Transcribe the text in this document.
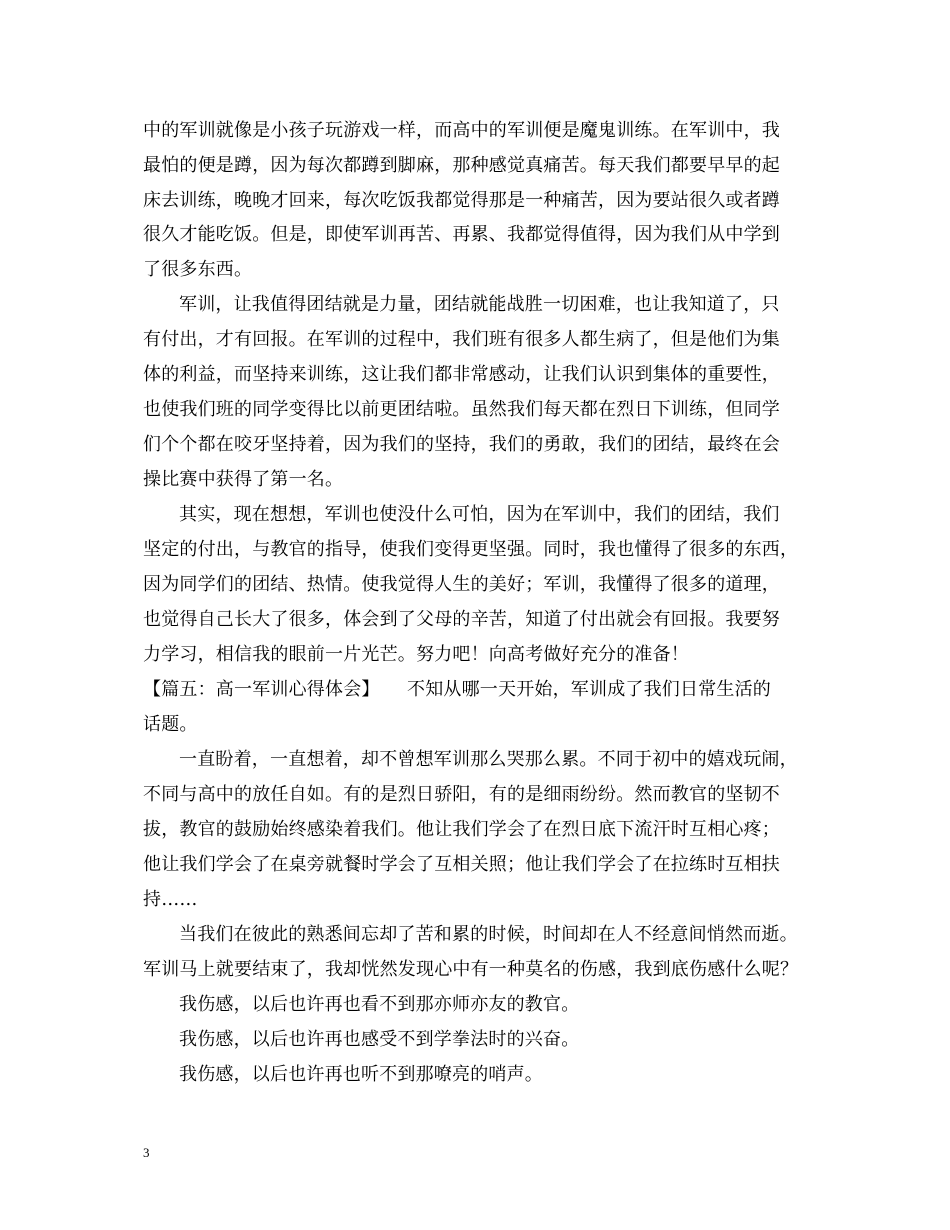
中的军训就像是小孩子玩游戏一样，而高中的军训便是魔鬼训练。在军训中，我
最怕的便是蹲，因为每次都蹲到脚麻，那种感觉真痛苦。每天我们都要早早的起
床去训练，晚晚才回来，每次吃饭我都觉得那是一种痛苦，因为要站很久或者蹲
很久才能吃饭。但是，即使军训再苦、再累、我都觉得值得，因为我们从中学到
了很多东西。
军训，让我值得团结就是力量，团结就能战胜一切困难，也让我知道了，只
有付出，才有回报。在军训的过程中，我们班有很多人都生病了，但是他们为集
体的利益，而坚持来训练，这让我们都非常感动，让我们认识到集体的重要性，
也使我们班的同学变得比以前更团结啦。虽然我们每天都在烈日下训练，但同学
们个个都在咬牙坚持着，因为我们的坚持，我们的勇敢，我们的团结，最终在会
操比赛中获得了第一名。
其实，现在想想，军训也使没什么可怕，因为在军训中，我们的团结，我们
坚定的付出，与教官的指导，使我们变得更坚强。同时，我也懂得了很多的东西，
因为同学们的团结、热情。使我觉得人生的美好；军训，我懂得了很多的道理，
也觉得自己长大了很多，体会到了父母的辛苦，知道了付出就会有回报。我要努
力学习，相信我的眼前一片光芒。努力吧！向高考做好充分的准备！
【篇五：高一军训心得体会】　　不知从哪一天开始，军训成了我们日常生活的
话题。
一直盼着，一直想着，却不曾想军训那么哭那么累。不同于初中的嬉戏玩闹，
不同与高中的放任自如。有的是烈日骄阳，有的是细雨纷纷。然而教官的坚韧不
拔，教官的鼓励始终感染着我们。他让我们学会了在烈日底下流汗时互相心疼；
他让我们学会了在桌旁就餐时学会了互相关照；他让我们学会了在拉练时互相扶
持……
当我们在彼此的熟悉间忘却了苦和累的时候，时间却在人不经意间悄然而逝。
军训马上就要结束了，我却恍然发现心中有一种莫名的伤感，我到底伤感什么呢？
我伤感，以后也许再也看不到那亦师亦友的教官。
我伤感，以后也许再也感受不到学拳法时的兴奋。
我伤感，以后也许再也听不到那嘹亮的哨声。
3
